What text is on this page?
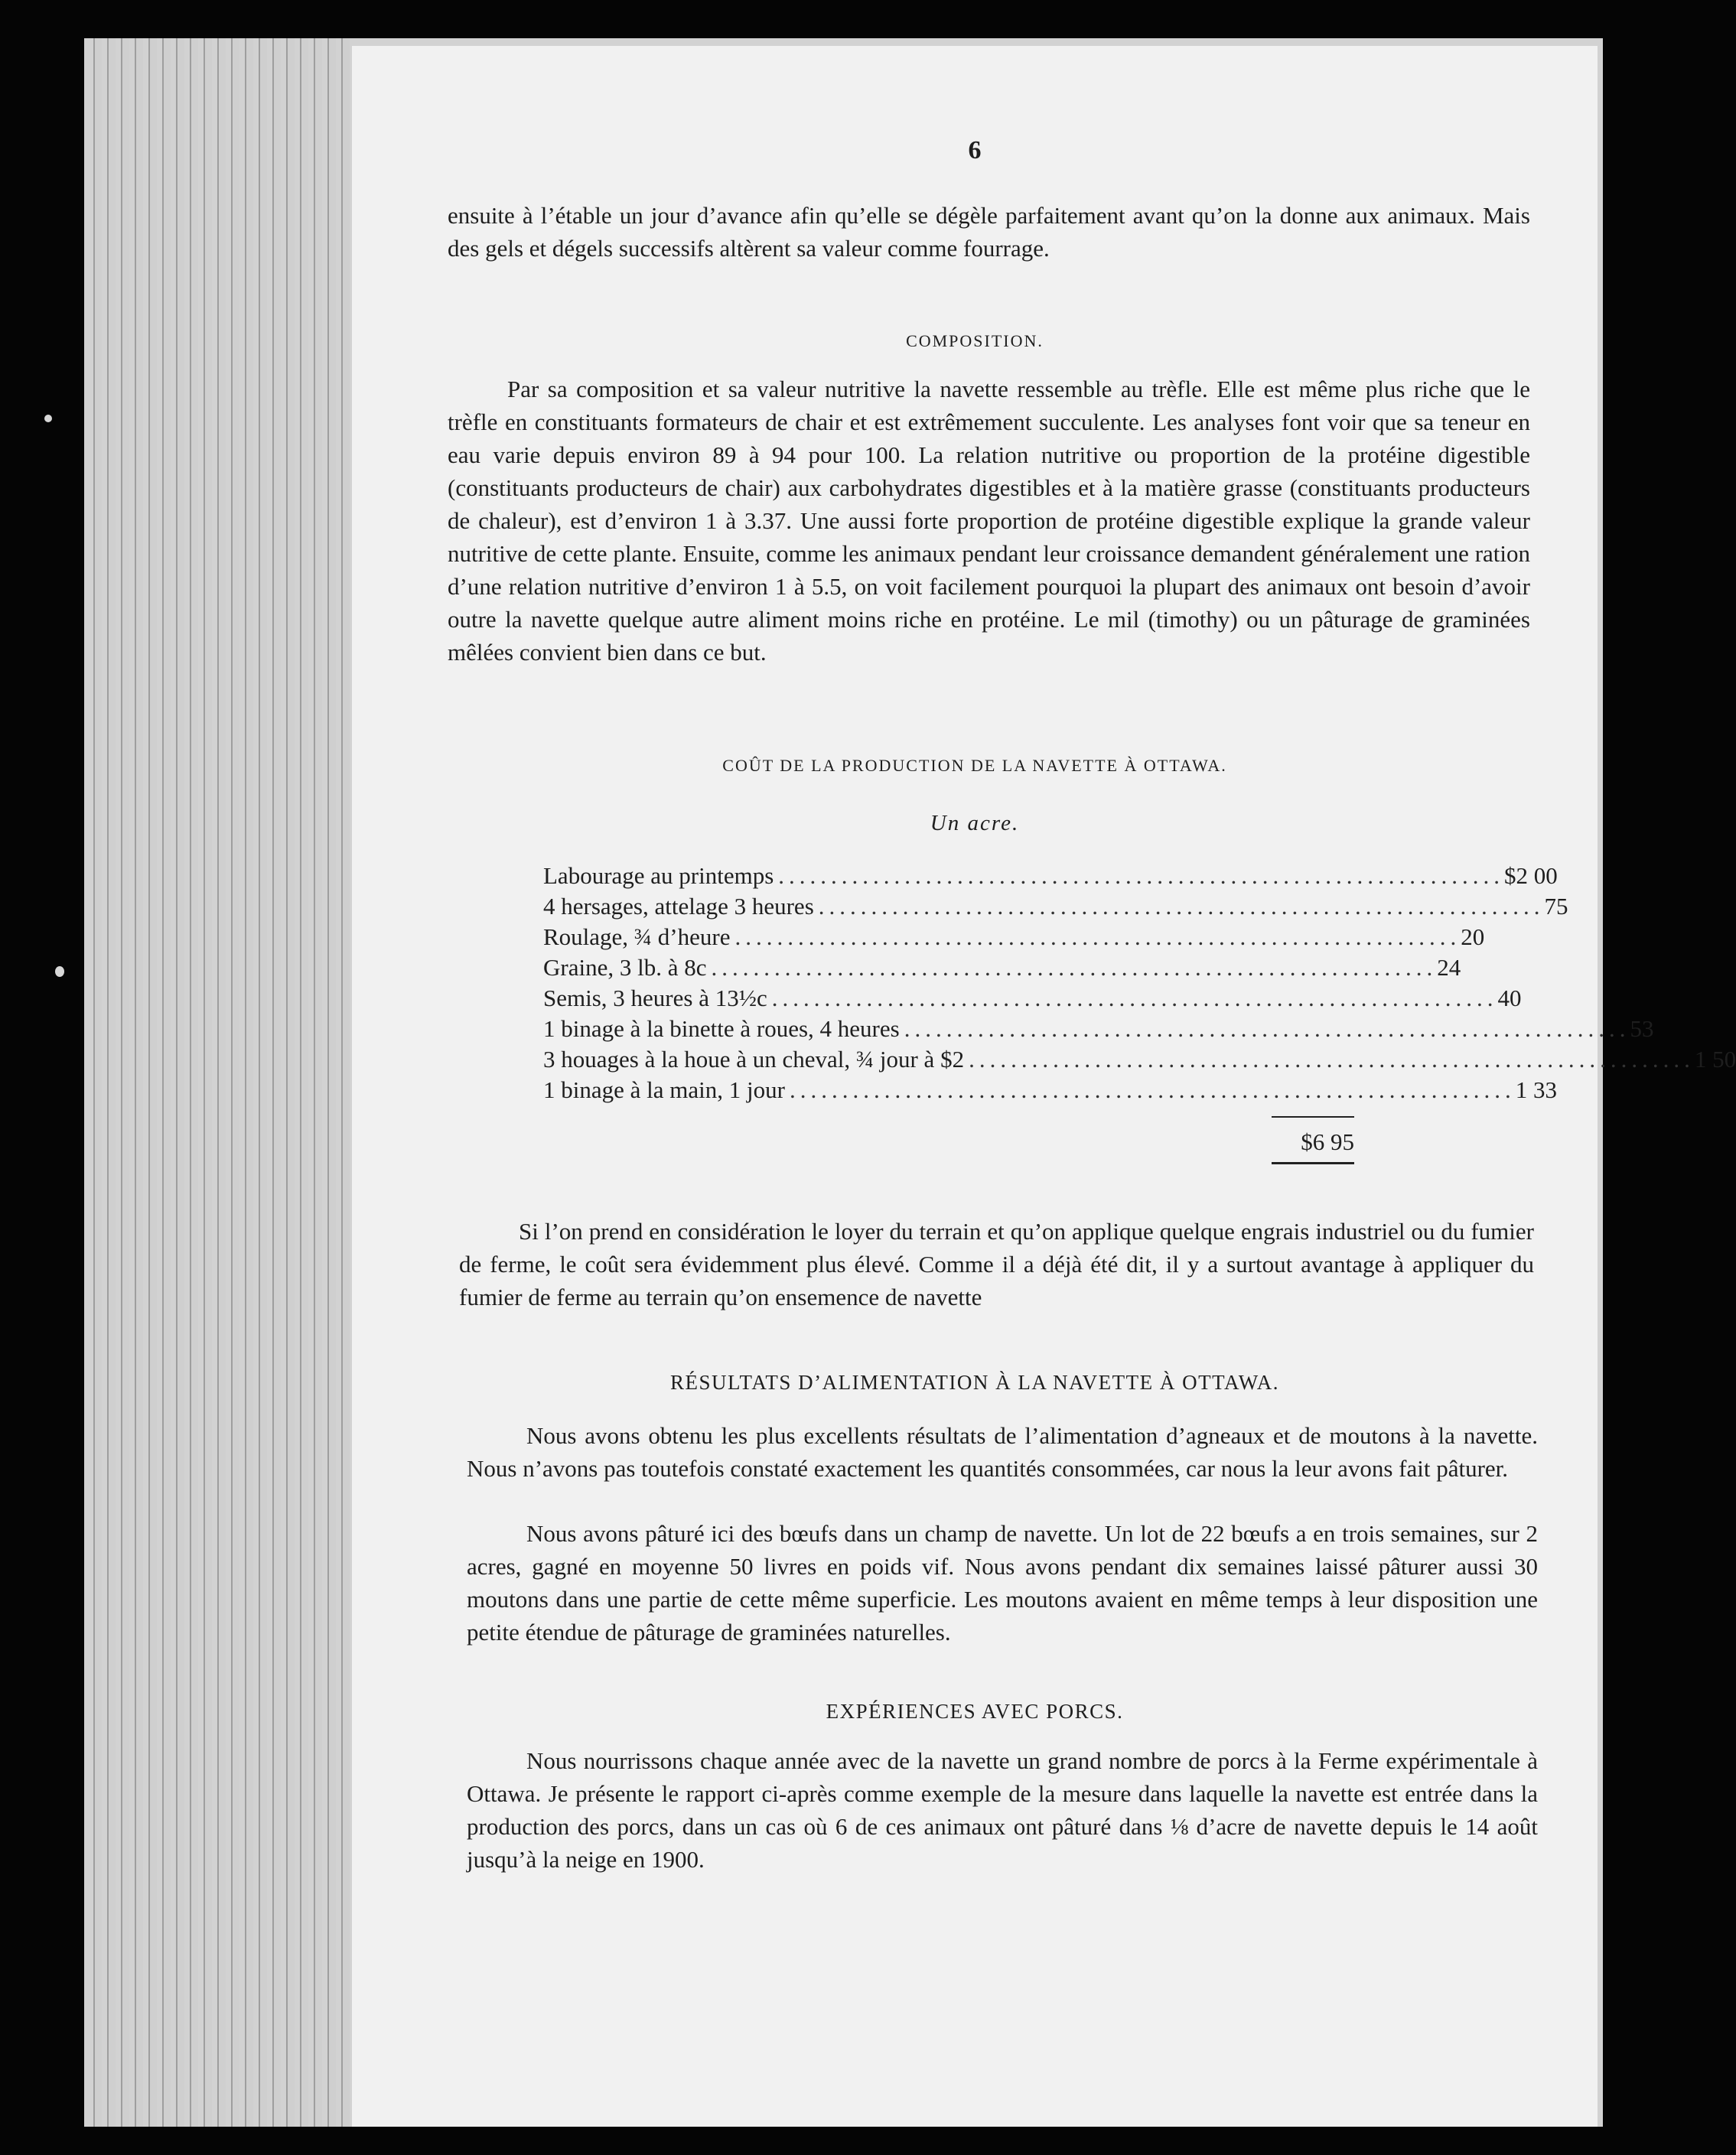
6

ensuite à l’étable un jour d’avance afin qu’elle se dégèle parfaitement avant qu’on la donne aux animaux. Mais des gels et dégels successifs altèrent sa valeur comme fourrage.

COMPOSITION.

Par sa composition et sa valeur nutritive la navette ressemble au trèfle. Elle est même plus riche que le trèfle en constituants formateurs de chair et est extrêmement succulente. Les analyses font voir que sa teneur en eau varie depuis environ 89 à 94 pour 100. La relation nutritive ou proportion de la protéine digestible (constituants producteurs de chair) aux carbohydrates digestibles et à la matière grasse (constituants producteurs de chaleur), est d’environ 1 à 3.37. Une aussi forte proportion de protéine digestible explique la grande valeur nutritive de cette plante. Ensuite, comme les animaux pendant leur croissance demandent généralement une ration d’une relation nutritive d’environ 1 à 5.5, on voit facilement pourquoi la plupart des animaux ont besoin d’avoir outre la navette quelque autre aliment moins riche en protéine. Le mil (timothy) ou un pâturage de graminées mêlées convient bien dans ce but.

COÛT DE LA PRODUCTION DE LA NAVETTE À OTTAWA.
Un acre.
Labourage au printemps ..................................................................... $2 00
4 hersages, attelage 3 heures ..................................................................... 75
Roulage, ¾ d’heure ..................................................................... 20
Graine, 3 lb. à 8c ..................................................................... 24
Semis, 3 heures à 13½c ..................................................................... 40
1 binage à la binette à roues, 4 heures ..................................................................... 53
3 houages à la houe à un cheval, ¾ jour à $2 ..................................................................... 1 50
1 binage à la main, 1 jour ..................................................................... 1 33
$6 95

Si l’on prend en considération le loyer du terrain et qu’on applique quelque engrais industriel ou du fumier de ferme, le coût sera évidemment plus élevé. Comme il a déjà été dit, il y a surtout avantage à appliquer du fumier de ferme au terrain qu’on ensemence de navette

RÉSULTATS D’ALIMENTATION À LA NAVETTE À OTTAWA.

Nous avons obtenu les plus excellents résultats de l’alimentation d’agneaux et de moutons à la navette. Nous n’avons pas toutefois constaté exactement les quantités consommées, car nous la leur avons fait pâturer.

Nous avons pâturé ici des bœufs dans un champ de navette. Un lot de 22 bœufs a en trois semaines, sur 2 acres, gagné en moyenne 50 livres en poids vif. Nous avons pendant dix semaines laissé pâturer aussi 30 moutons dans une partie de cette même superficie. Les moutons avaient en même temps à leur disposition une petite étendue de pâturage de graminées naturelles.

EXPÉRIENCES AVEC PORCS.

Nous nourrissons chaque année avec de la navette un grand nombre de porcs à la Ferme expérimentale à Ottawa. Je présente le rapport ci-après comme exemple de la mesure dans laquelle la navette est entrée dans la production des porcs, dans un cas où 6 de ces animaux ont pâturé dans ⅛ d’acre de navette depuis le 14 août jusqu’à la neige en 1900.
